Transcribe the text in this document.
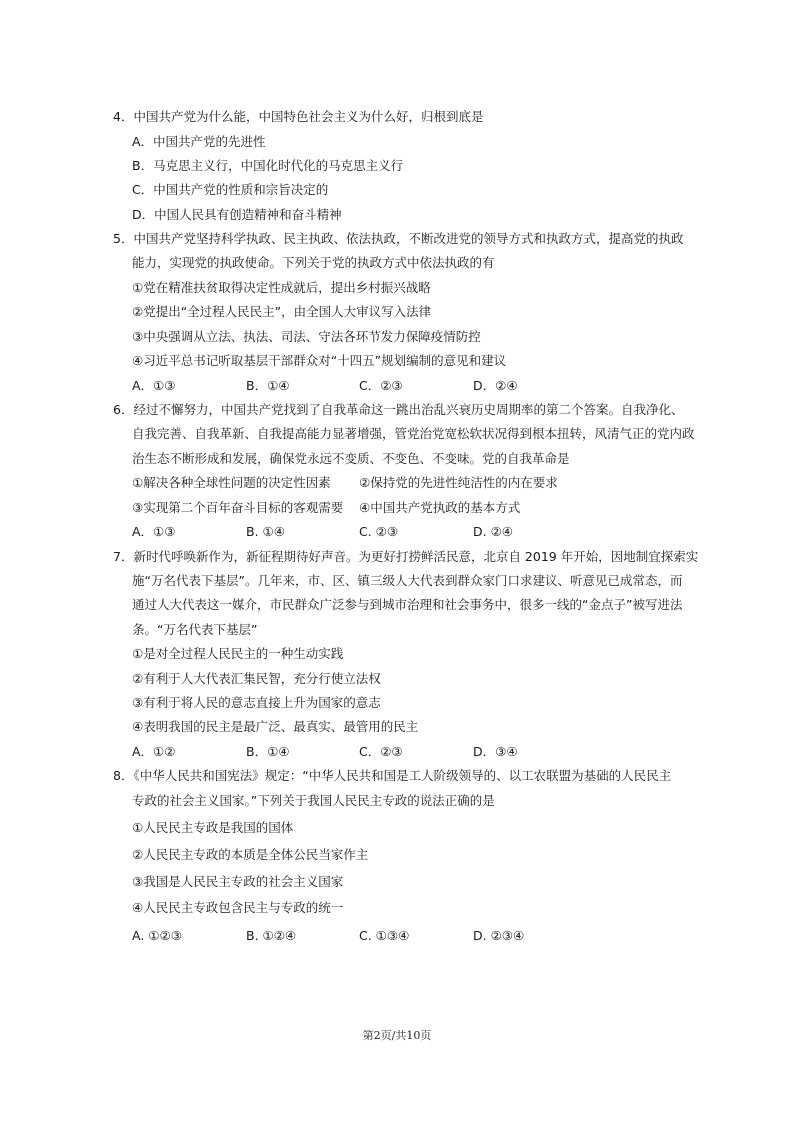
4．中国共产党为什么能，中国特色社会主义为什么好，归根到底是
A．中国共产党的先进性
B．马克思主义行，中国化时代化的马克思主义行
C．中国共产党的性质和宗旨决定的
D．中国人民具有创造精神和奋斗精神
5．中国共产党坚持科学执政、民主执政、依法执政，不断改进党的领导方式和执政方式，提高党的执政
能力，实现党的执政使命。下列关于党的执政方式中依法执政的有
①党在精准扶贫取得决定性成就后，提出乡村振兴战略
②党提出“全过程人民民主”，由全国人大审议写入法律
③中央强调从立法、执法、司法、守法各环节发力保障疫情防控
④习近平总书记听取基层干部群众对“十四五”规划编制的意见和建议
A．①③	B．①④	C．②③	D．②④
6．经过不懈努力，中国共产党找到了自我革命这一跳出治乱兴衰历史周期率的第二个答案。自我净化、
自我完善、自我革新、自我提高能力显著增强，管党治党宽松软状况得到根本扭转，风清气正的党内政
治生态不断形成和发展，确保党永远不变质、不变色、不变味。党的自我革命是
①解决各种全球性问题的决定性因素 ②保持党的先进性纯洁性的内在要求
③实现第二个百年奋斗目标的客观需要 ④中国共产党执政的基本方式
A．①③	B. ①④	C. ②③	D. ②④
7．新时代呼唤新作为，新征程期待好声音。为更好打捞鲜活民意，北京自 2019 年开始，因地制宜探索实
施“万名代表下基层”。几年来，市、区、镇三级人大代表到群众家门口求建议、听意见已成常态，而
通过人大代表这一媒介，市民群众广泛参与到城市治理和社会事务中，很多一线的“金点子”被写进法
条。“万名代表下基层”
①是对全过程人民民主的一种生动实践
②有利于人大代表汇集民智，充分行使立法权
③有利于将人民的意志直接上升为国家的意志
④表明我国的民主是最广泛、最真实、最管用的民主
A．①②	B．①④	C．②③	D．③④
8．《中华人民共和国宪法》规定：“中华人民共和国是工人阶级领导的、以工农联盟为基础的人民民主
专政的社会主义国家。”下列关于我国人民民主专政的说法正确的是
①人民民主专政是我国的国体
②人民民主专政的本质是全体公民当家作主
③我国是人民民主专政的社会主义国家
④人民民主专政包含民主与专政的统一
A. ①②③	B. ①②④	C. ①③④	D. ②③④
第2页/共10页
